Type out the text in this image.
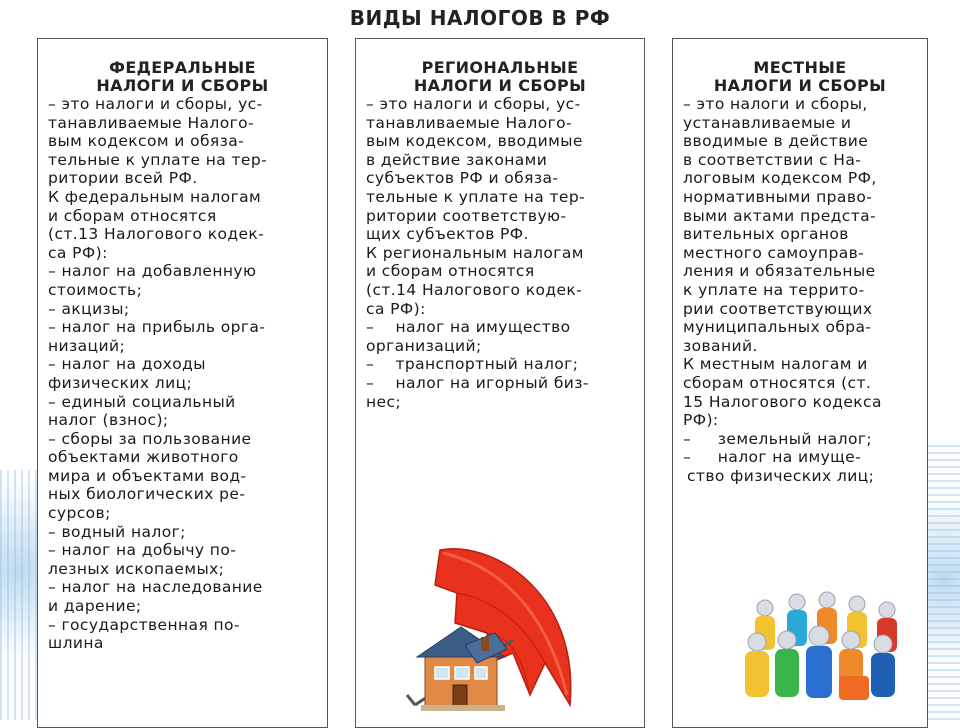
ВИДЫ НАЛОГОВ В РФ
ФЕДЕРАЛЬНЫЕ
НАЛОГИ И СБОРЫ

– это налоги и сборы, ус-

танавливаемые Налого-

вым кодексом и обяза-

тельные к уплате на тер-

ритории всей РФ.

К федеральным налогам

и сборам относятся

(ст.13 Налогового кодек-

са РФ):

– налог на добавленную
стоимость;
– акцизы;
– налог на прибыль орга-
низаций;
– налог на доходы
физических лиц;
– единый социальный
налог (взнос);
– сборы за пользование
объектами животного
мира и объектами вод-
ных биологических ре-
сурсов;
– водный налог;
– налог на добычу по-
лезных ископаемых;
– налог на наследование
и дарение;
– государственная по-
шлина
РЕГИОНАЛЬНЫЕ
НАЛОГИ И СБОРЫ

– это налоги и сборы, ус-

танавливаемые Налого-

вым кодексом, вводимые

в действие законами

субъектов РФ и обяза-

тельные к уплате на тер-

ритории соответствую-

щих субъектов РФ.

К региональным налогам

и сборам относятся

(ст.14 Налогового кодек-

са РФ):

–    налог на имущество
организаций;
–    транспортный налог;
–    налог на игорный биз-
нес;
МЕСТНЫЕ
НАЛОГИ И СБОРЫ

– это налоги и сборы,

устанавливаемые и

вводимые в действие

в соответствии с На-

логовым кодексом РФ,

нормативными право-

выми актами предста-

вительных органов

местного самоуправ-

ления и обязательные

к уплате на террито-

рии соответствующих

муниципальных обра-

зований.

К местным налогам и

сборам относятся (ст.

15 Налогового кодекса

РФ):

–     земельный налог;
–     налог на имуще-
ство физических лиц;
